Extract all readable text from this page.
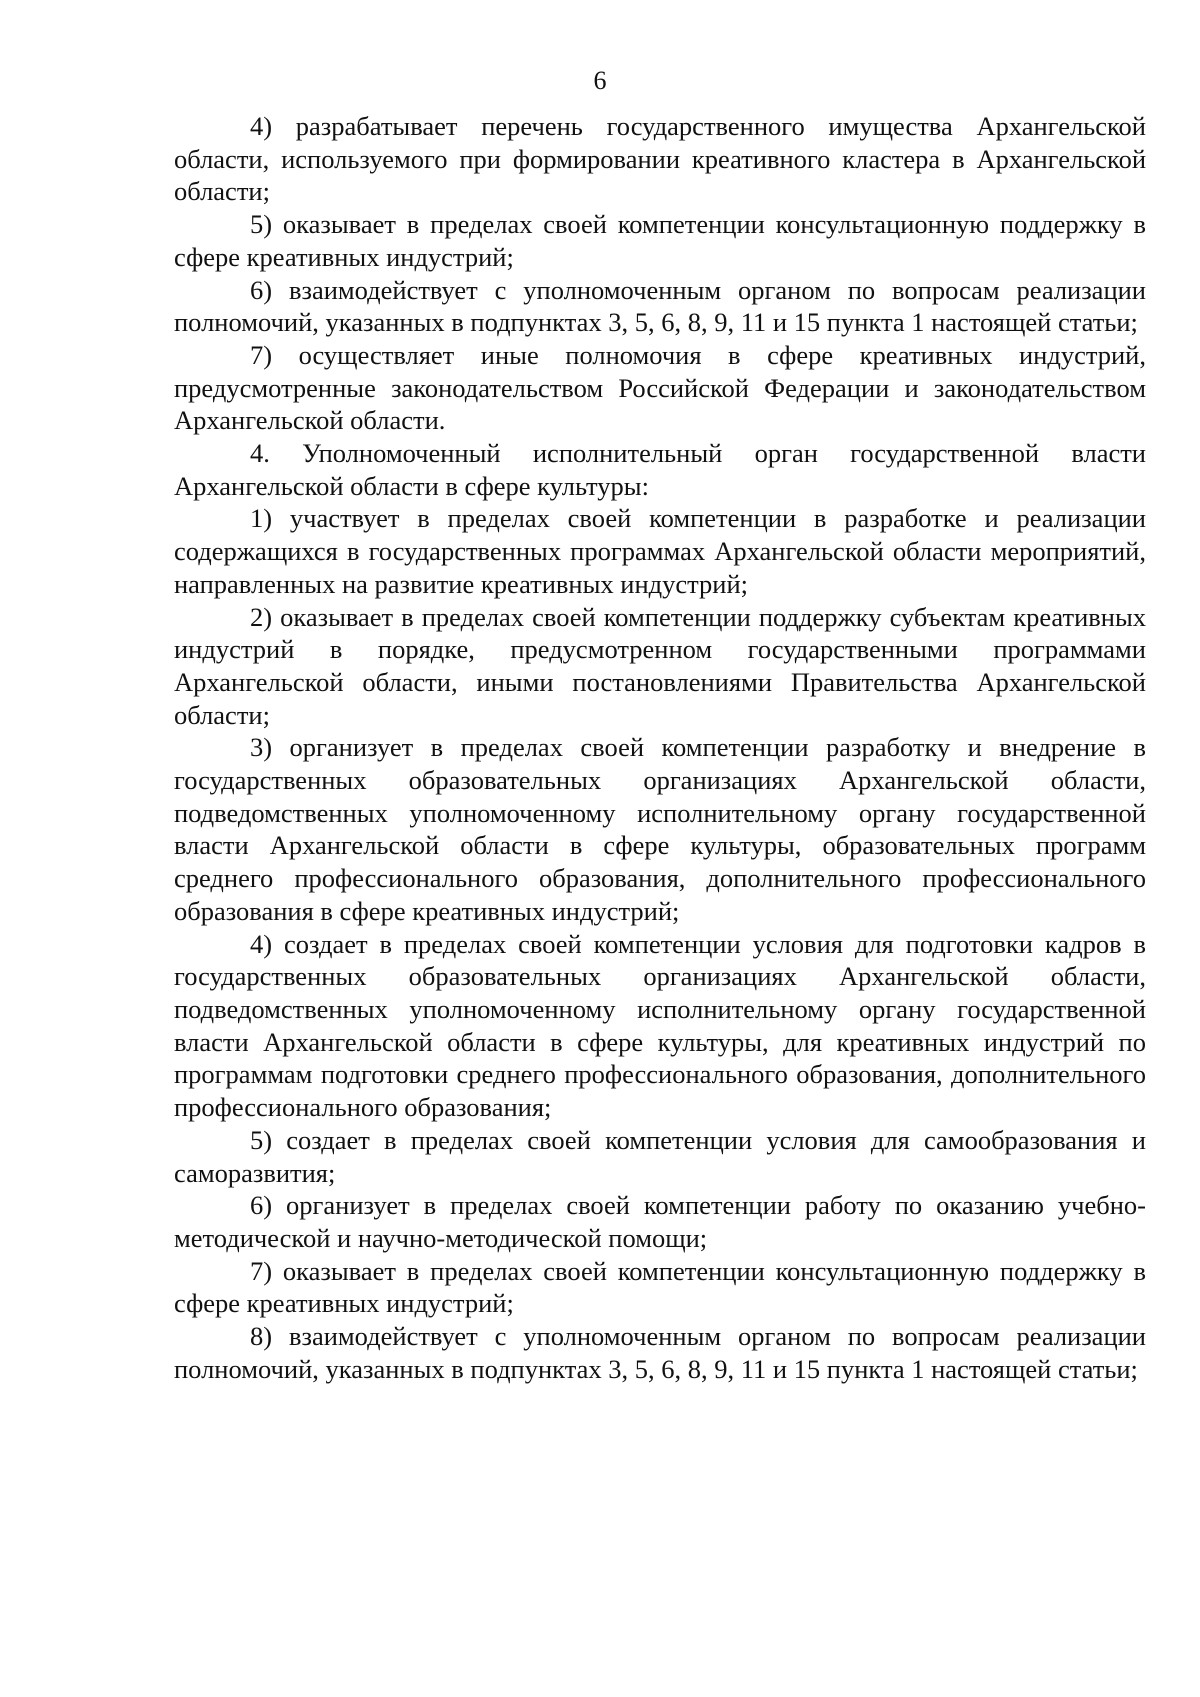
6

4) разрабатывает перечень государственного имущества Архангельской области, используемого при формировании креативного кластера в Архангельской области;

5) оказывает в пределах своей компетенции консультационную поддержку в сфере креативных индустрий;

6) взаимодействует с уполномоченным органом по вопросам реализации полномочий, указанных в подпунктах 3, 5, 6, 8, 9, 11 и 15 пункта 1 настоящей статьи;

7) осуществляет иные полномочия в сфере креативных индустрий, предусмотренные законодательством Российской Федерации и законодательством Архангельской области.

4. Уполномоченный исполнительный орган государственной власти Архангельской области в сфере культуры:

1) участвует в пределах своей компетенции в разработке и реализации содержащихся в государственных программах Архангельской области мероприятий, направленных на развитие креативных индустрий;

2) оказывает в пределах своей компетенции поддержку субъектам креативных индустрий в порядке, предусмотренном государственными программами Архангельской области, иными постановлениями Правительства Архангельской области;

3) организует в пределах своей компетенции разработку и внедрение в государственных образовательных организациях Архангельской области, подведомственных уполномоченному исполнительному органу государственной власти Архангельской области в сфере культуры, образовательных программ среднего профессионального образования, дополнительного профессионального образования в сфере креативных индустрий;

4) создает в пределах своей компетенции условия для подготовки кадров в государственных образовательных организациях Архангельской области, подведомственных уполномоченному исполнительному органу государственной власти Архангельской области в сфере культуры, для креативных индустрий по программам подготовки среднего профессионального образования, дополнительного профессионального образования;

5) создает в пределах своей компетенции условия для самообразования и саморазвития;

6) организует в пределах своей компетенции работу по оказанию учебно-методической и научно-методической помощи;

7) оказывает в пределах своей компетенции консультационную поддержку в сфере креативных индустрий;

8) взаимодействует с уполномоченным органом по вопросам реализации полномочий, указанных в подпунктах 3, 5, 6, 8, 9, 11 и 15 пункта 1 настоящей статьи;
